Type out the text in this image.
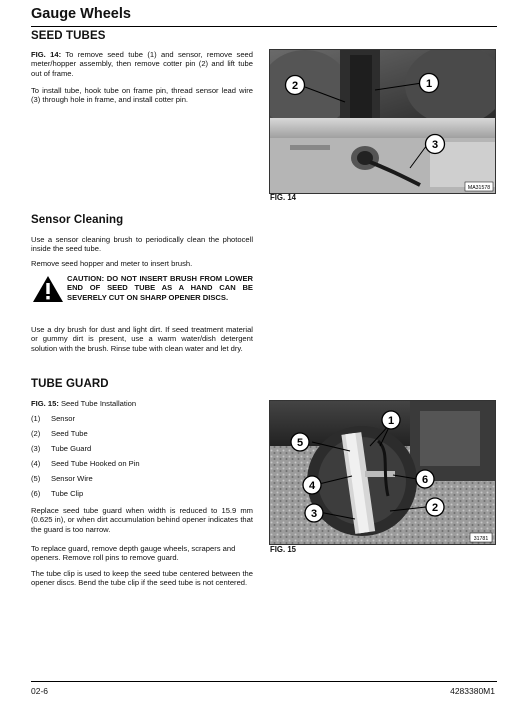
Gauge Wheels
SEED TUBES
FIG. 14: To remove seed tube (1) and sensor, remove seed meter/hopper assembly, then remove cotter pin (2) and lift tube out of frame.
To install tube, hook tube on frame pin, thread sensor lead wire (3) through hole in frame, and install cotter pin.
2	1
3
MA31578
FIG. 14
Sensor Cleaning
Use a sensor cleaning brush to periodically clean the photocell inside the seed tube.
Remove seed hopper and meter to insert brush.
CAUTION: DO NOT INSERT BRUSH FROM LOWER END OF SEED TUBE AS A HAND CAN BE SEVERELY CUT ON SHARP OPENER DISCS.
Use a dry brush for dust and light dirt. If seed treatment material or gummy dirt is present, use a warm water/dish detergent solution with the brush. Rinse tube with clean water and let dry.
TUBE GUARD
FIG. 15: Seed Tube Installation
(1)	Sensor
(2)	Seed Tube
(3)	Tube Guard
(4)	Seed Tube Hooked on Pin
(5)	Sensor Wire
(6)	Tube Clip
Replace seed tube guard when width is reduced to 15.9 mm (0.625 in), or when dirt accumulation behind opener indicates that the guard is too narrow.
To replace guard, remove depth gauge wheels, scrapers and openers. Remove roll pins to remove guard.
The tube clip is used to keep the seed tube centered between the opener discs. Bend the tube clip if the seed tube is not centered.
1
5
6
4
2
3
31781
FIG. 15
02-6	4283380M1
